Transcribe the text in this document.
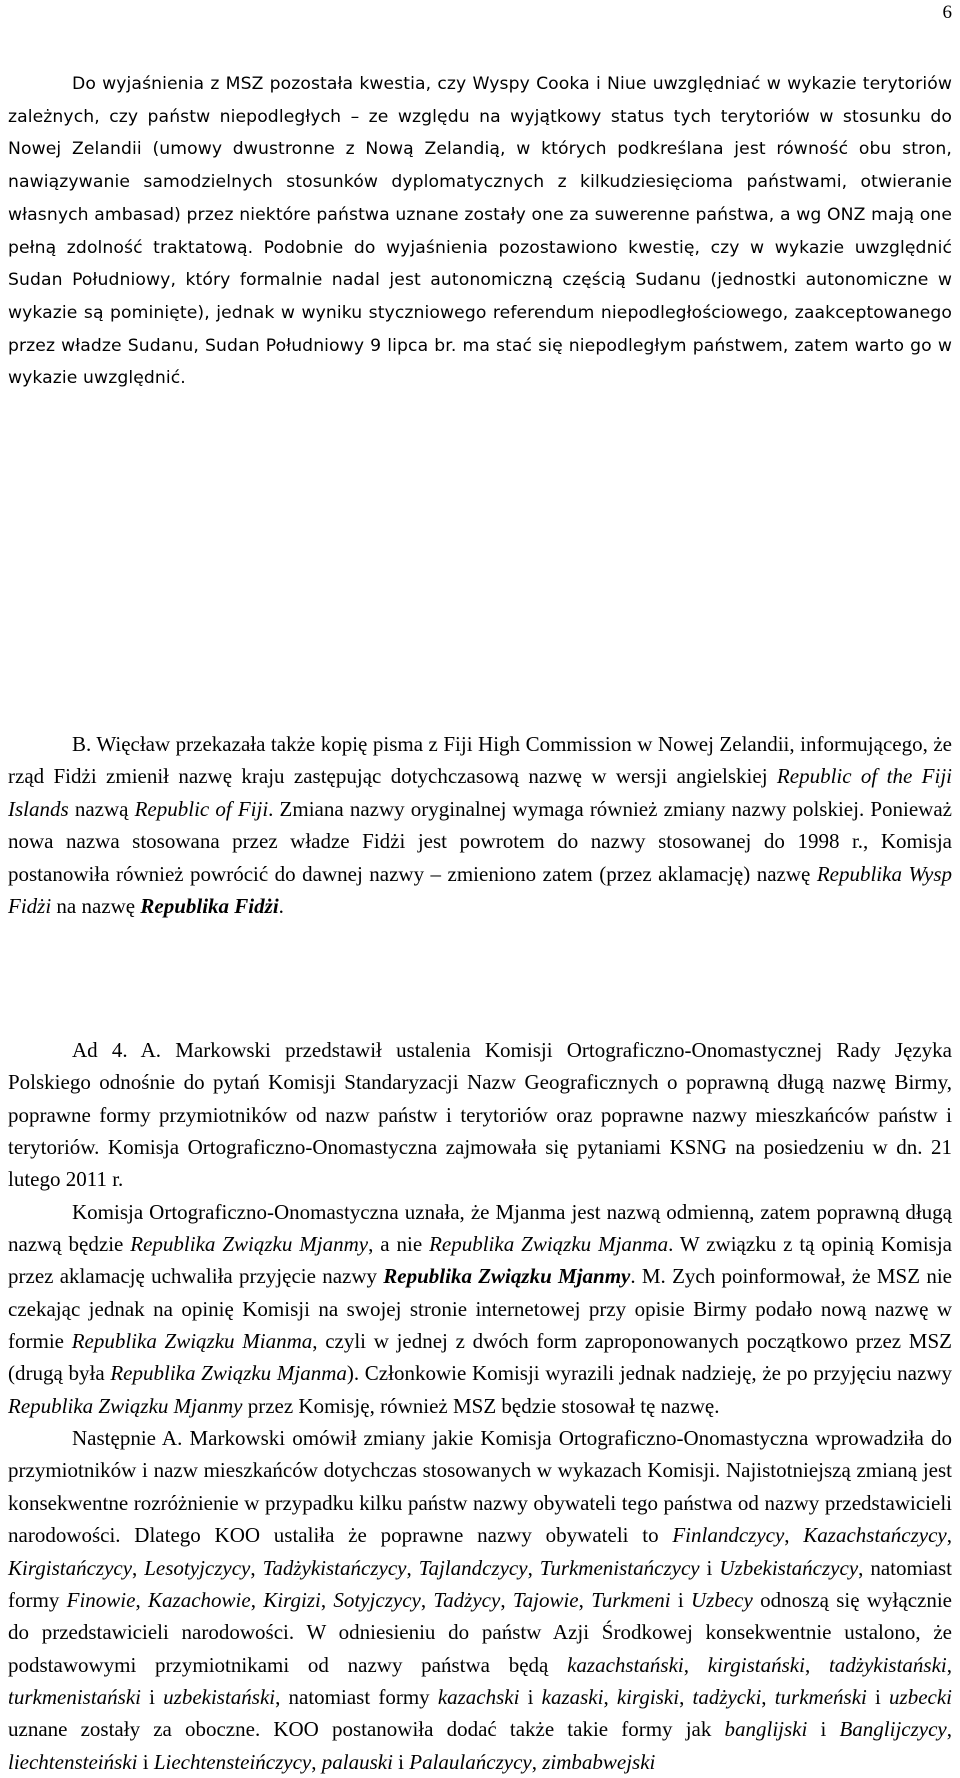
6

Do wyjaśnienia z MSZ pozostała kwestia, czy Wyspy Cooka i Niue uwzględniać w wykazie terytoriów zależnych, czy państw niepodległych – ze względu na wyjątkowy status tych terytoriów w stosunku do Nowej Zelandii (umowy dwustronne z Nową Zelandią, w których podkreślana jest równość obu stron, nawiązywanie samodzielnych stosunków dyplomatycznych z kilkudziesięcioma państwami, otwieranie własnych ambasad) przez niektóre państwa uznane zostały one za suwerenne państwa, a wg ONZ mają one pełną zdolność traktatową. Podobnie do wyjaśnienia pozostawiono kwestię, czy w wykazie uwzględnić Sudan Południowy, który formalnie nadal jest autonomiczną częścią Sudanu (jednostki autonomiczne w wykazie są pominięte), jednak w wyniku styczniowego referendum niepodległościowego, zaakceptowanego przez władze Sudanu, Sudan Południowy 9 lipca br. ma stać się niepodległym państwem, zatem warto go w wykazie uwzględnić.

B. Więcław przekazała także kopię pisma z Fiji High Commission w Nowej Zelandii, informującego, że rząd Fidżi zmienił nazwę kraju zastępując dotychczasową nazwę w wersji angielskiej Republic of the Fiji Islands nazwą Republic of Fiji. Zmiana nazwy oryginalnej wymaga również zmiany nazwy polskiej. Ponieważ nowa nazwa stosowana przez władze Fidżi jest powrotem do nazwy stosowanej do 1998 r., Komisja postanowiła również powrócić do dawnej nazwy – zmieniono zatem (przez aklamację) nazwę Republika Wysp Fidżi na nazwę Republika Fidżi.

Ad 4. A. Markowski przedstawił ustalenia Komisji Ortograficzno-Onomastycznej Rady Języka Polskiego odnośnie do pytań Komisji Standaryzacji Nazw Geograficznych o poprawną długą nazwę Birmy, poprawne formy przymiotników od nazw państw i terytoriów oraz poprawne nazwy mieszkańców państw i terytoriów. Komisja Ortograficzno-Onomastyczna zajmowała się pytaniami KSNG na posiedzeniu w dn. 21 lutego 2011 r.

Komisja Ortograficzno-Onomastyczna uznała, że Mjanma jest nazwą odmienną, zatem poprawną długą nazwą będzie Republika Związku Mjanmy, a nie Republika Związku Mjanma. W związku z tą opinią Komisja przez aklamację uchwaliła przyjęcie nazwy Republika Związku Mjanmy. M. Zych poinformował, że MSZ nie czekając jednak na opinię Komisji na swojej stronie internetowej przy opisie Birmy podało nową nazwę w formie Republika Związku Mianma, czyli w jednej z dwóch form zaproponowanych początkowo przez MSZ (drugą była Republika Związku Mjanma). Członkowie Komisji wyrazili jednak nadzieję, że po przyjęciu nazwy Republika Związku Mjanmy przez Komisję, również MSZ będzie stosował tę nazwę.

Następnie A. Markowski omówił zmiany jakie Komisja Ortograficzno-Onomastyczna wprowadziła do przymiotników i nazw mieszkańców dotychczas stosowanych w wykazach Komisji. Najistotniejszą zmianą jest konsekwentne rozróżnienie w przypadku kilku państw nazwy obywateli tego państwa od nazwy przedstawicieli narodowości. Dlatego KOO ustaliła że poprawne nazwy obywateli to Finlandczycy, Kazachstańczycy, Kirgistańczycy, Lesotyjczycy, Tadżykistańczycy, Tajlandczycy, Turkmenistańczycy i Uzbekistańczycy, natomiast formy Finowie, Kazachowie, Kirgizi, Sotyjczycy, Tadżycy, Tajowie, Turkmeni i Uzbecy odnoszą się wyłącznie do przedstawicieli narodowości. W odniesieniu do państw Azji Środkowej konsekwentnie ustalono, że podstawowymi przymiotnikami od nazwy państwa będą kazachstański, kirgistański, tadżykistański, turkmenistański i uzbekistański, natomiast formy kazachski i kazaski, kirgiski, tadżycki, turkmeński i uzbecki uznane zostały za oboczne. KOO postanowiła dodać także takie formy jak banglijski i Banglijczycy, liechtensteiński i Liechtensteińczycy, palauski i Palaulańczycy, zimbabwejski
